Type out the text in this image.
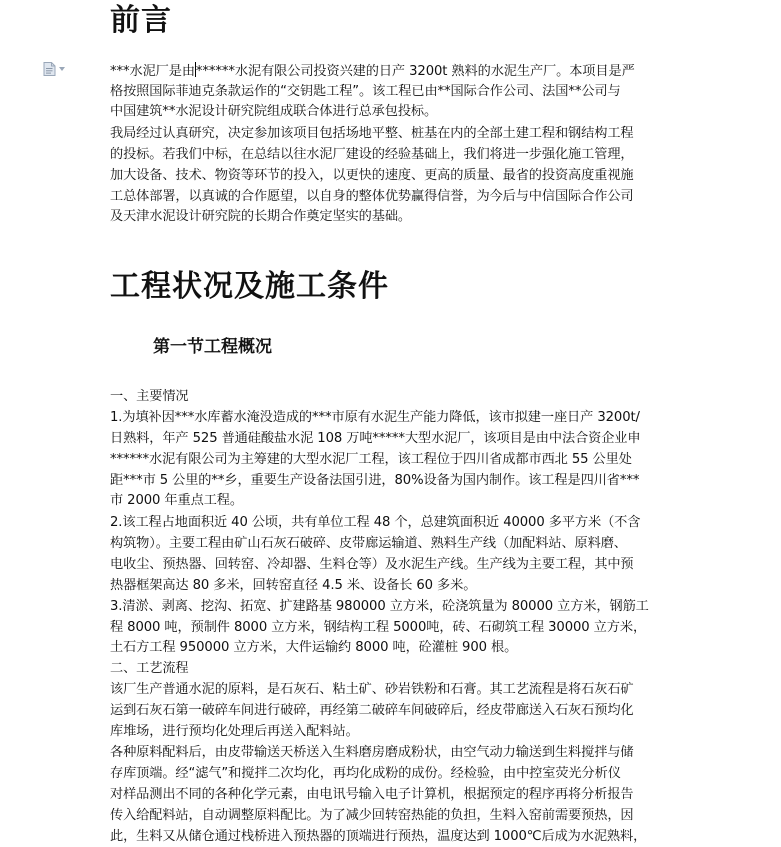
前言
***水泥厂是由******水泥有限公司投资兴建的日产 3200t 熟料的水泥生产厂。本项目是严
格按照国际菲迪克条款运作的“交钥匙工程”。该工程已由**国际合作公司、法国**公司与
中国建筑**水泥设计研究院组成联合体进行总承包投标。
我局经过认真研究，决定参加该项目包括场地平整、桩基在内的全部土建工程和钢结构工程
的投标。若我们中标，在总结以往水泥厂建设的经验基础上，我们将进一步强化施工管理，
加大设备、技术、物资等环节的投入，以更快的速度、更高的质量、最省的投资高度重视施
工总体部署，以真诚的合作愿望，以自身的整体优势赢得信誉，为今后与中信国际合作公司
及天津水泥设计研究院的长期合作奠定坚实的基础。
工程状况及施工条件
第一节工程概况
一、主要情况
1.为填补因***水库蓄水淹没造成的***市原有水泥生产能力降低，该市拟建一座日产 3200t/
日熟料，年产 525 普通硅酸盐水泥 108 万吨*****大型水泥厂，该项目是由中法合资企业申
******水泥有限公司为主筹建的大型水泥厂工程，该工程位于四川省成都市西北 55 公里处
距***市 5 公里的**乡，重要生产设备法国引进，80%设备为国内制作。该工程是四川省***
市 2000 年重点工程。
2.该工程占地面积近 40 公顷，共有单位工程 48 个，总建筑面积近 40000 多平方米（不含
构筑物）。主要工程由矿山石灰石破碎、皮带廊运输道、熟料生产线（加配料站、原料磨、
电收尘、预热器、回转窑、冷却器、生料仓等）及水泥生产线。生产线为主要工程，其中预
热器框架高达 80 多米，回转窑直径 4.5 米、设备长 60 多米。
3.清淤、剥离、挖沟、拓宽、扩建路基 980000 立方米，砼浇筑量为 80000 立方米，钢筋工
程 8000 吨，预制件 8000 立方米，钢结构工程 5000吨，砖、石砌筑工程 30000 立方米，
土石方工程 950000 立方米，大件运输约 8000 吨，砼灌桩 900 根。
二、工艺流程
该厂生产普通水泥的原料，是石灰石、粘土矿、砂岩铁粉和石膏。其工艺流程是将石灰石矿
运到石灰石第一破碎车间进行破碎，再经第二破碎车间破碎后，经皮带廊送入石灰石预均化
库堆场，进行预均化处理后再送入配料站。
各种原料配料后，由皮带输送天桥送入生料磨房磨成粉状，由空气动力输送到生料搅拌与储
存库顶端。经“滤气”和搅拌二次均化，再均化成粉的成份。经检验，由中控室荧光分析仪
对样品测出不同的各种化学元素，由电讯号输入电子计算机，根据预定的程序再将分析报告
传入给配料站，自动调整原料配比。为了减少回转窑热能的负担，生料入窑前需要预热，因
此，生料又从储仓通过栈桥进入预热器的顶端进行预热，温度达到 1000℃后成为水泥熟料，
